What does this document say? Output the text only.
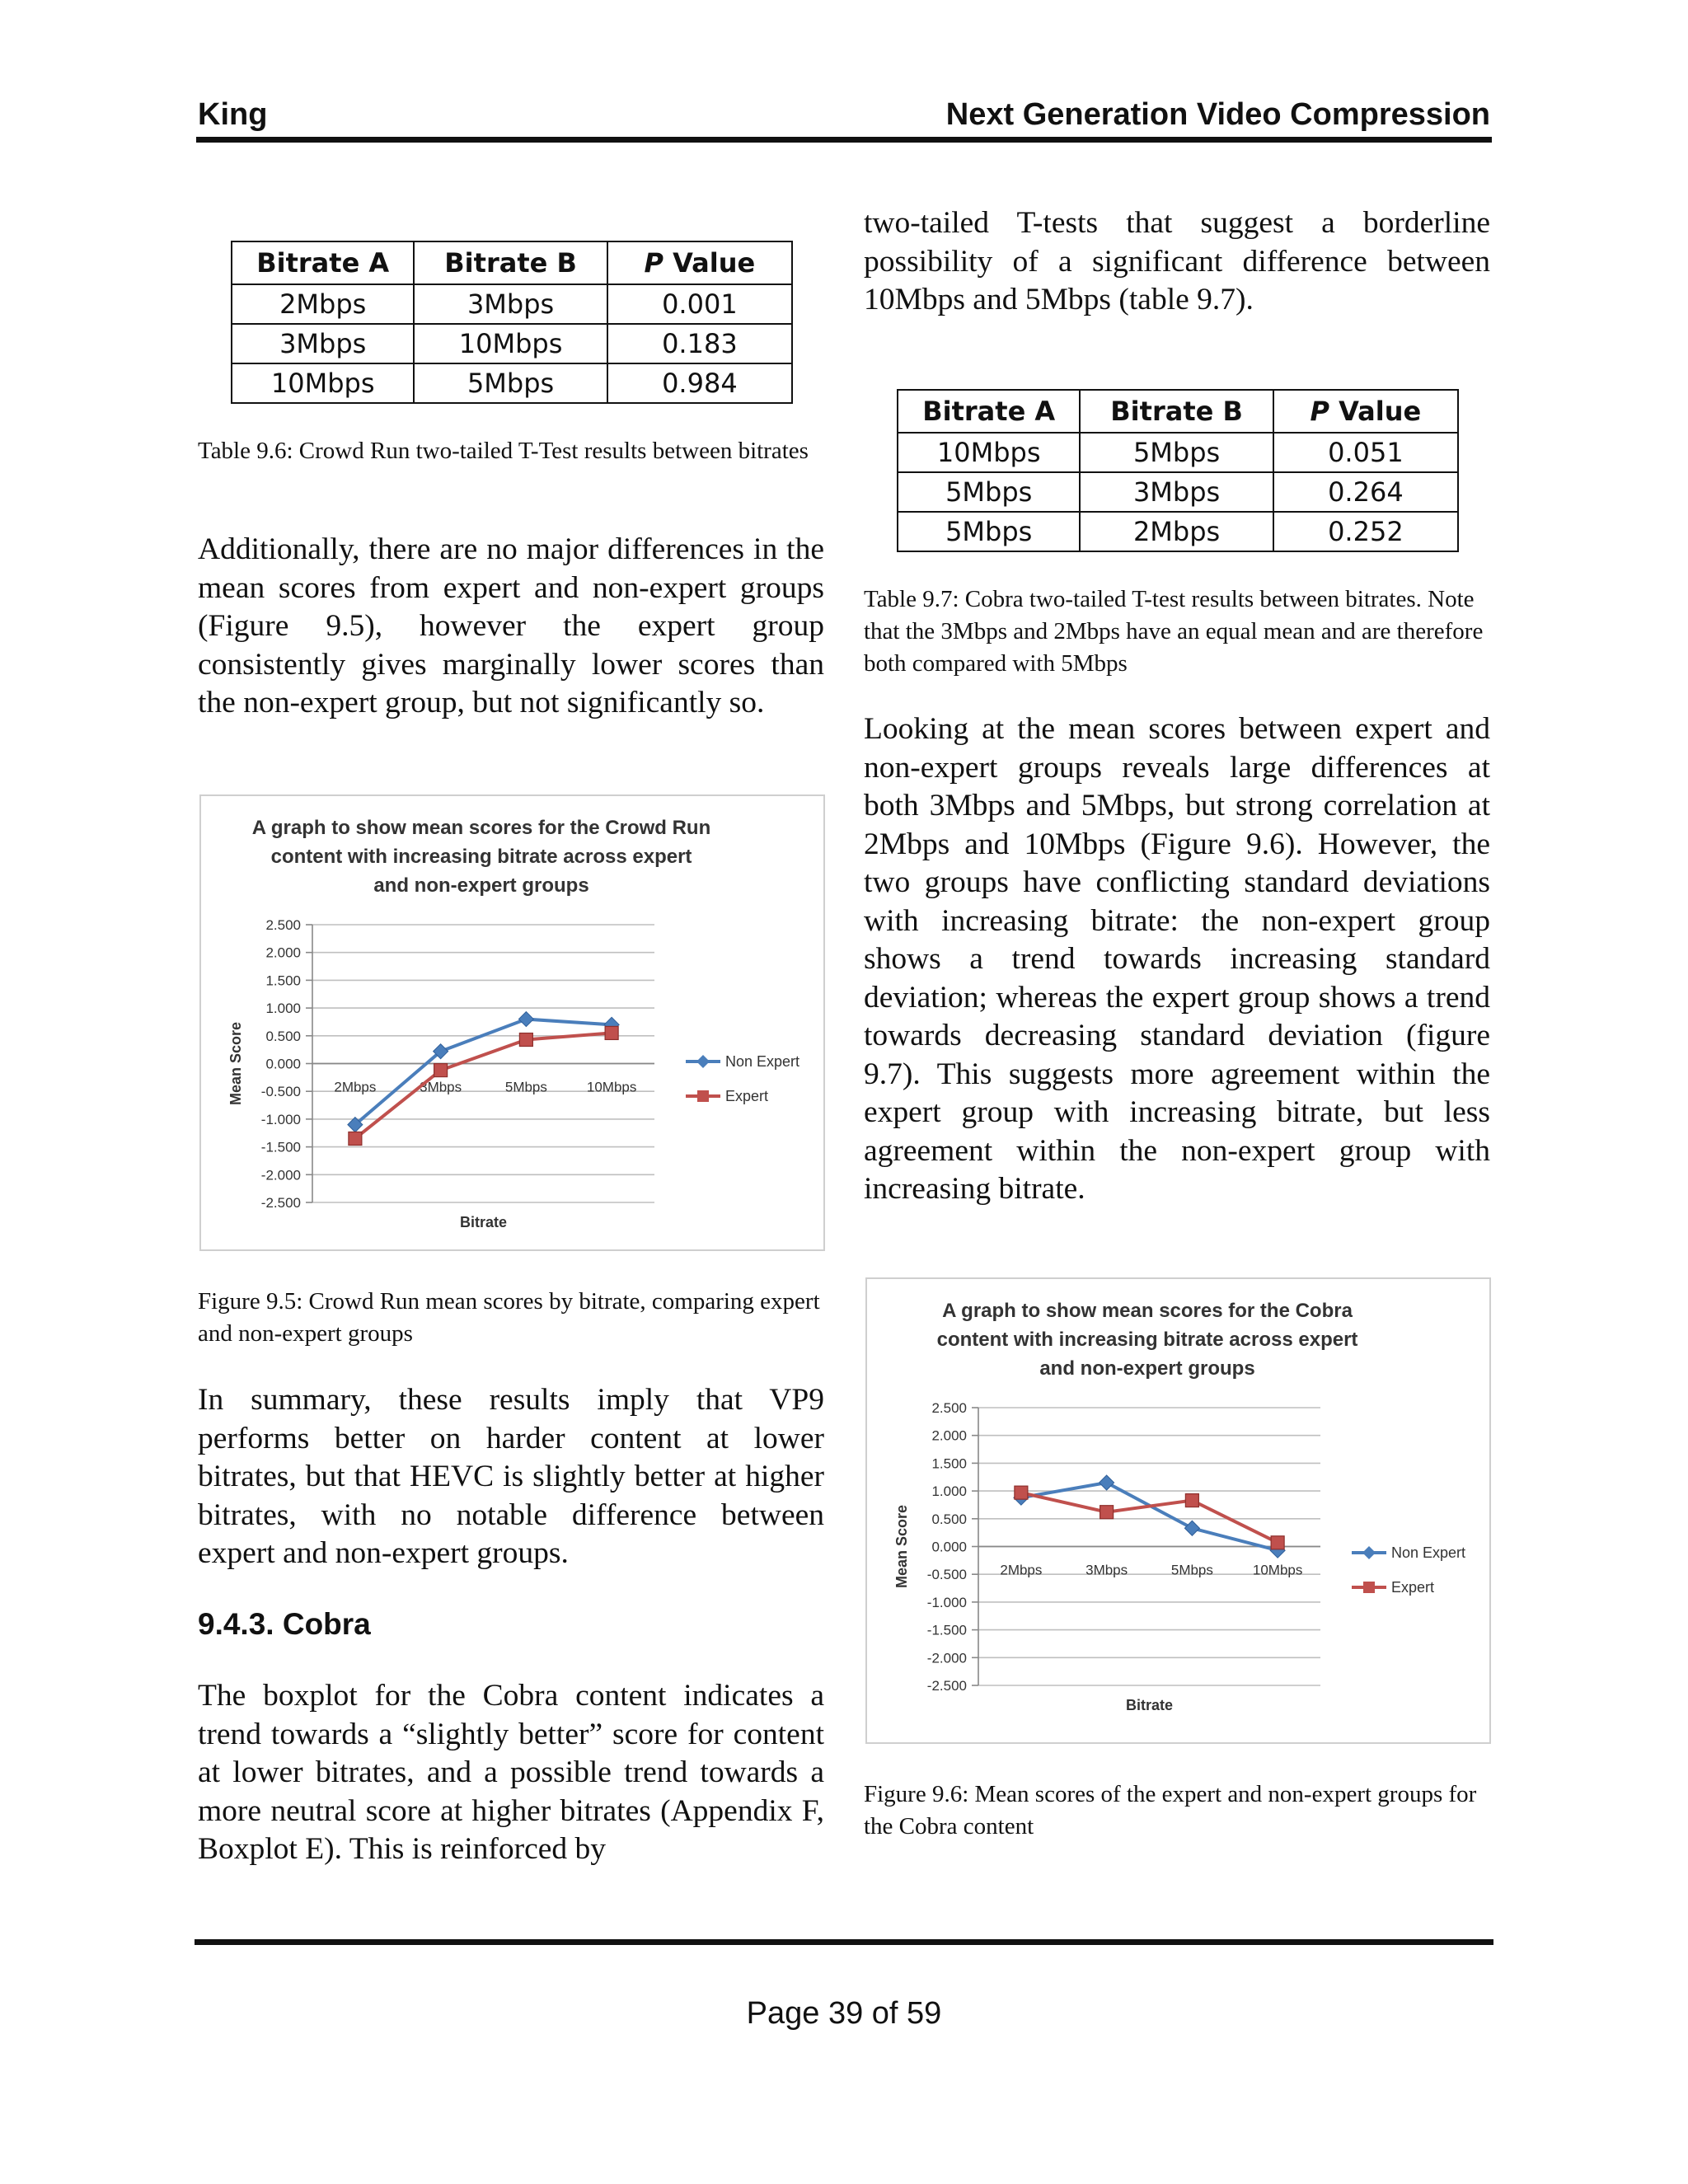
King	Next Generation Video Compression
Bitrate A	Bitrate B	P Value
2Mbps	3Mbps	0.001
3Mbps	10Mbps	0.183
10Mbps	5Mbps	0.984

Table 9.6: Crowd Run two-tailed T-Test results between bitrates

Additionally, there are no major differences in the mean scores from expert and non-expert groups (Figure 9.5), however the expert group consistently gives marginally lower scores than the non-expert group, but not significantly so.

A graph to show mean scores for the Crowd Run
content with increasing bitrate across expert
and non-expert groups
2.500
2.000
1.500
1.000
0.500
0.000
-0.500
-1.000
-1.500
-2.000
-2.500
2Mbps	3Mbps	5Mbps	10Mbps
Bitrate
Mean Score	Non Expert
Expert

Figure 9.5: Crowd Run mean scores by bitrate, comparing expert and non-expert groups

In summary, these results imply that VP9 performs better on harder content at lower bitrates, but that HEVC is slightly better at higher bitrates, with no notable difference between expert and non-expert groups.

9.4.3. Cobra

The boxplot for the Cobra content indicates a trend towards a “slightly better” score for content at lower bitrates, and a possible trend towards a more neutral score at higher bitrates (Appendix F, Boxplot E). This is reinforced by

two-tailed T-tests that suggest a borderline possibility of a significant difference between 10Mbps and 5Mbps (table 9.7).

Bitrate A	Bitrate B	P Value
10Mbps	5Mbps	0.051
5Mbps	3Mbps	0.264
5Mbps	2Mbps	0.252

Table 9.7: Cobra two-tailed T-test results between bitrates. Note that the 3Mbps and 2Mbps have an equal mean and are therefore both compared with 5Mbps

Looking at the mean scores between expert and non-expert groups reveals large differences at both 3Mbps and 5Mbps, but strong correlation at 2Mbps and 10Mbps (Figure 9.6). However, the two groups have conflicting standard deviations with increasing bitrate: the non-expert group shows a trend towards increasing standard deviation; whereas the expert group shows a trend towards decreasing standard deviation (figure 9.7). This suggests more agreement within the expert group with increasing bitrate, but less agreement within the non-expert group with increasing bitrate.

A graph to show mean scores for the Cobra
content with increasing bitrate across expert
and non-expert groups
2.500
2.000
1.500
1.000
0.500
0.000
-0.500
-1.000
-1.500
-2.000
-2.500
2Mbps	3Mbps	5Mbps	10Mbps
Bitrate
Mean Score	Non Expert
Expert

Figure 9.6: Mean scores of the expert and non-expert groups for the Cobra content

Page 39 of 59
